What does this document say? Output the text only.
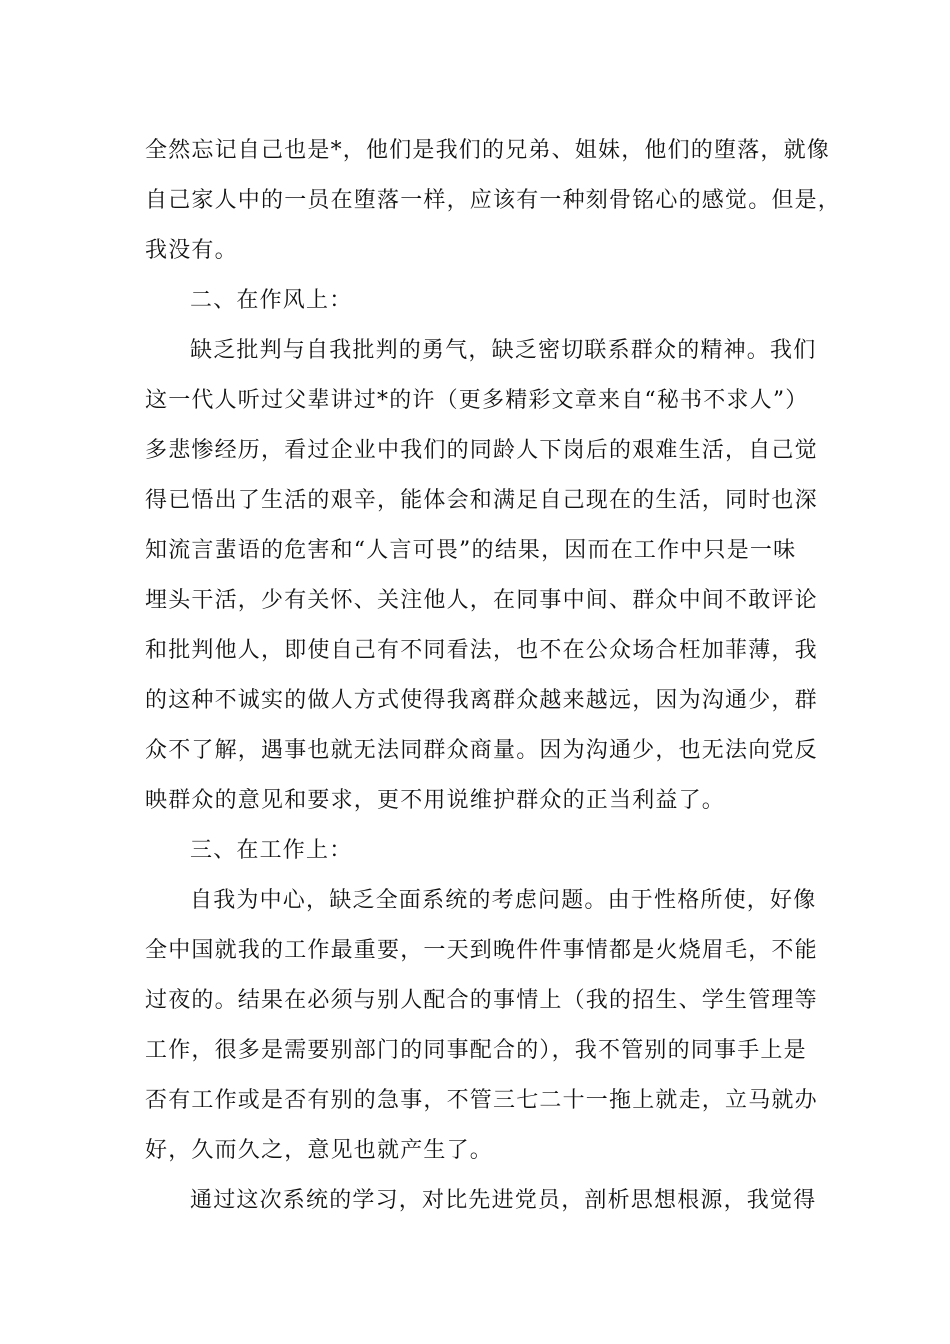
全然忘记自己也是*，他们是我们的兄弟、姐妹，他们的堕落，就像
自己家人中的一员在堕落一样，应该有一种刻骨铭心的感觉。但是，
我没有。
二、在作风上：
缺乏批判与自我批判的勇气，缺乏密切联系群众的精神。我们
这一代人听过父辈讲过*的许（更多精彩文章来自“秘书不求人”）
多悲惨经历，看过企业中我们的同龄人下岗后的艰难生活，自己觉
得已悟出了生活的艰辛，能体会和满足自己现在的生活，同时也深
知流言蜚语的危害和“人言可畏”的结果，因而在工作中只是一味
埋头干活，少有关怀、关注他人，在同事中间、群众中间不敢评论
和批判他人，即使自己有不同看法，也不在公众场合枉加菲薄，我
的这种不诚实的做人方式使得我离群众越来越远，因为沟通少，群
众不了解，遇事也就无法同群众商量。因为沟通少，也无法向党反
映群众的意见和要求，更不用说维护群众的正当利益了。
三、在工作上：
自我为中心，缺乏全面系统的考虑问题。由于性格所使，好像
全中国就我的工作最重要，一天到晚件件事情都是火烧眉毛，不能
过夜的。结果在必须与别人配合的事情上（我的招生、学生管理等
工作，很多是需要别部门的同事配合的），我不管别的同事手上是
否有工作或是否有别的急事，不管三七二十一拖上就走，立马就办
好，久而久之，意见也就产生了。
通过这次系统的学习，对比先进党员，剖析思想根源，我觉得
